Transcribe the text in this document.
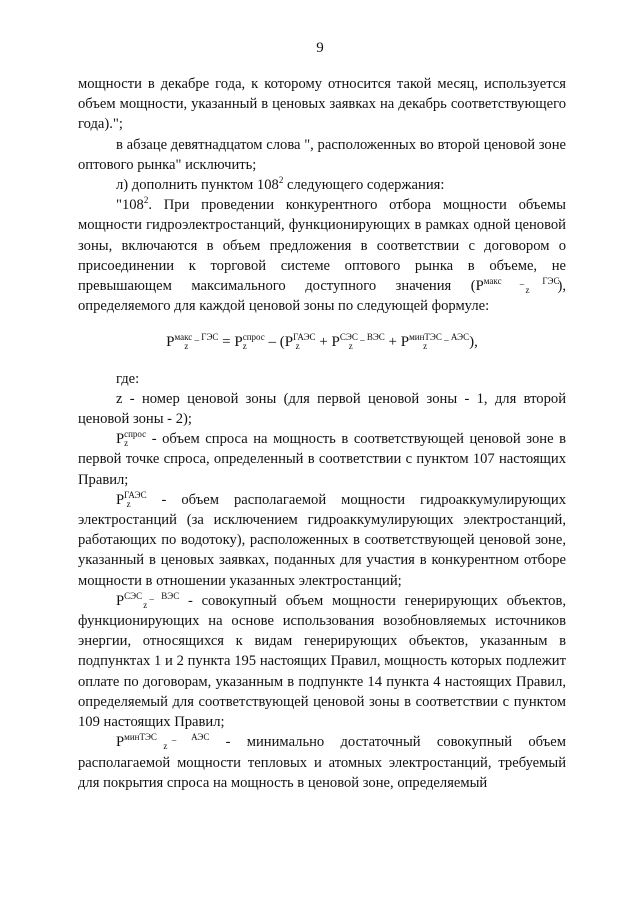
9

мощности в декабре года, к которому относится такой месяц, используется объем мощности, указанный в ценовых заявках на декабрь соответствующего года).";

в абзаце девятнадцатом слова ", расположенных во второй ценовой зоне оптового рынка" исключить;

л) дополнить пунктом $108^2$ следующего содержания:

"$108^2$. При проведении конкурентного отбора мощности объемы мощности гидроэлектростанций, функционирующих в рамках одной ценовой зоны, включаются в объем предложения в соответствии с договором о присоединении к торговой системе оптового рынка в объеме, не превышающем максимального доступного значения ($P^{макс \_ ГЭС}_z$ ), определяемого для каждой ценовой зоны по следующей формуле:

$P^{макс \_ ГЭС}_z = P^{спрос}_z - (P^{ГАЭС}_z + P^{СЭС \_ ВЭС}_z + P^{минТЭС \_ АЭС}_z$	),

где:

z - номер ценовой зоны (для первой ценовой зоны - 1, для второй ценовой зоны - 2);

$P^{спрос}_z$ - объем спроса на мощность в соответствующей ценовой зоне в первой точке спроса, определенный в соответствии с пунктом 107 настоящих Правил;

$P^{ГАЭС}_z$ - объем располагаемой мощности гидроаккумулирующих электростанций (за исключением гидроаккумулирующих электростанций, работающих по водотоку), расположенных в соответствующей ценовой зоне, указанный в ценовых заявках, поданных для участия в конкурентном отборе мощности в отношении указанных электростанций;

$P^{СЭС \_ ВЭС}_z$	- совокупный объем мощности генерирующих объектов, функционирующих на основе использования возобновляемых источников энергии, относящихся к видам генерирующих объектов, указанным в подпунктах 1 и 2 пункта 195 настоящих Правил, мощность которых подлежит оплате по договорам, указанным в подпункте 14 пункта 4 настоящих Правил, определяемый для соответствующей ценовой зоны в соответствии с пунктом 109 настоящих Правил;

$P^{минТЭС \_ АЭС}_z$	- минимально достаточный совокупный объем располагаемой мощности тепловых и атомных электростанций, требуемый для покрытия спроса на мощность в ценовой зоне, определяемый
